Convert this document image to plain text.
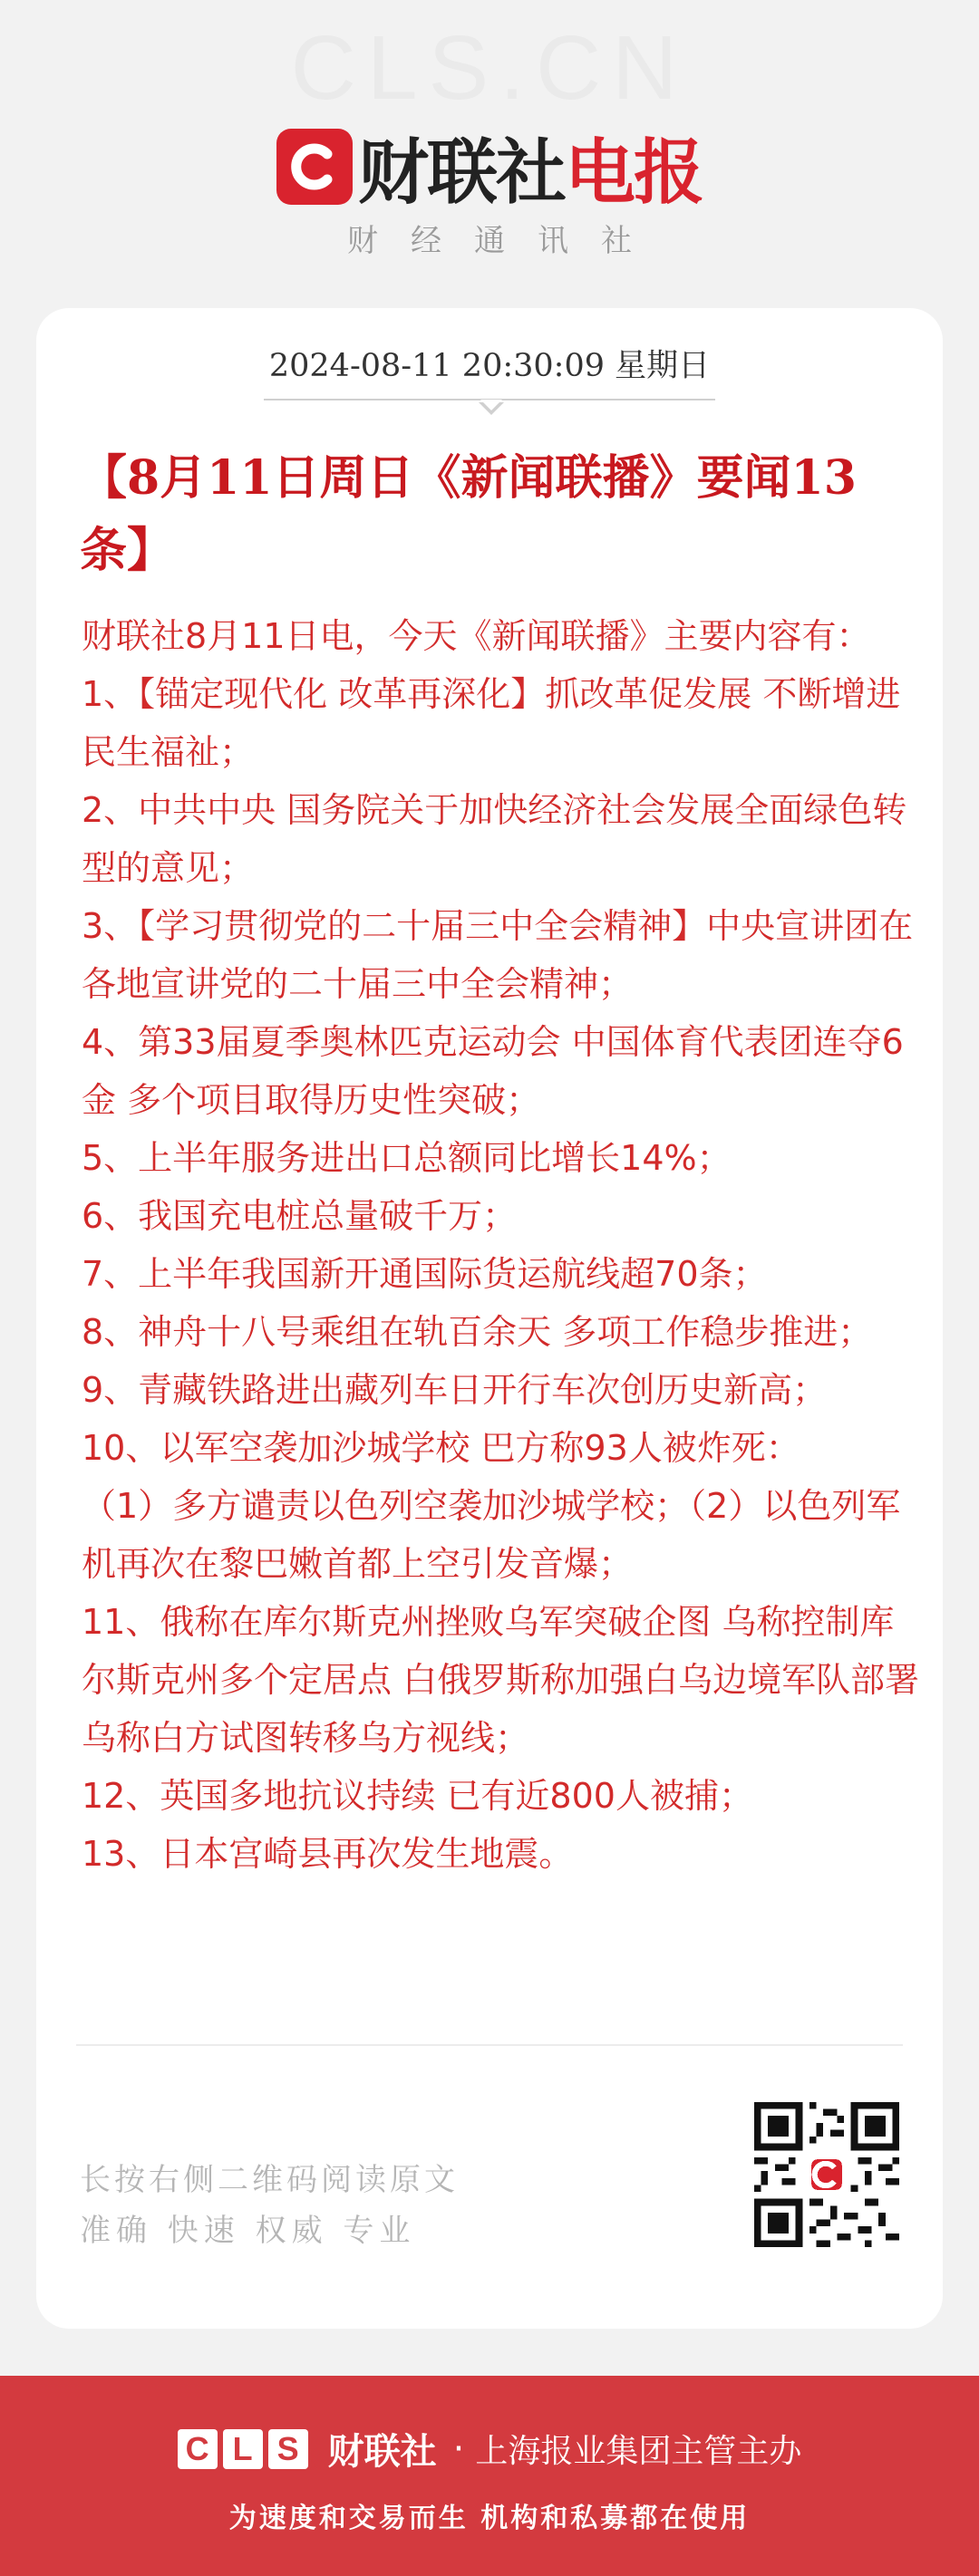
CLS.CN
财联社 电报
财经通讯社
2024-08-11 20:30:09 星期日
【8月11日周日《新闻联播》要闻13条】

财联社8月11日电，今天《新闻联播》主要内容有：

1、【锚定现代化 改革再深化】抓改革促发展 不断增进民生福祉；

2、中共中央 国务院关于加快经济社会发展全面绿色转型的意见；

3、【学习贯彻党的二十届三中全会精神】中央宣讲团在各地宣讲党的二十届三中全会精神；

4、第33届夏季奥林匹克运动会 中国体育代表团连夺6金 多个项目取得历史性突破；

5、上半年服务进出口总额同比增长14%；

6、我国充电桩总量破千万；

7、上半年我国新开通国际货运航线超70条；

8、神舟十八号乘组在轨百余天 多项工作稳步推进；

9、青藏铁路进出藏列车日开行车次创历史新高；

10、以军空袭加沙城学校 巴方称93人被炸死：

（1）多方谴责以色列空袭加沙城学校；（2）以色列军机再次在黎巴嫩首都上空引发音爆；

11、俄称在库尔斯克州挫败乌军突破企图 乌称控制库尔斯克州多个定居点 白俄罗斯称加强白乌边境军队部署 乌称白方试图转移乌方视线；

12、英国多地抗议持续 已有近800人被捕；

13、日本宫崎县再次发生地震。

长按右侧二维码阅读原文
准确 快速 权威 专业
C L S 财联社 · 上海报业集团主管主办
为速度和交易而生 机构和私募都在使用
